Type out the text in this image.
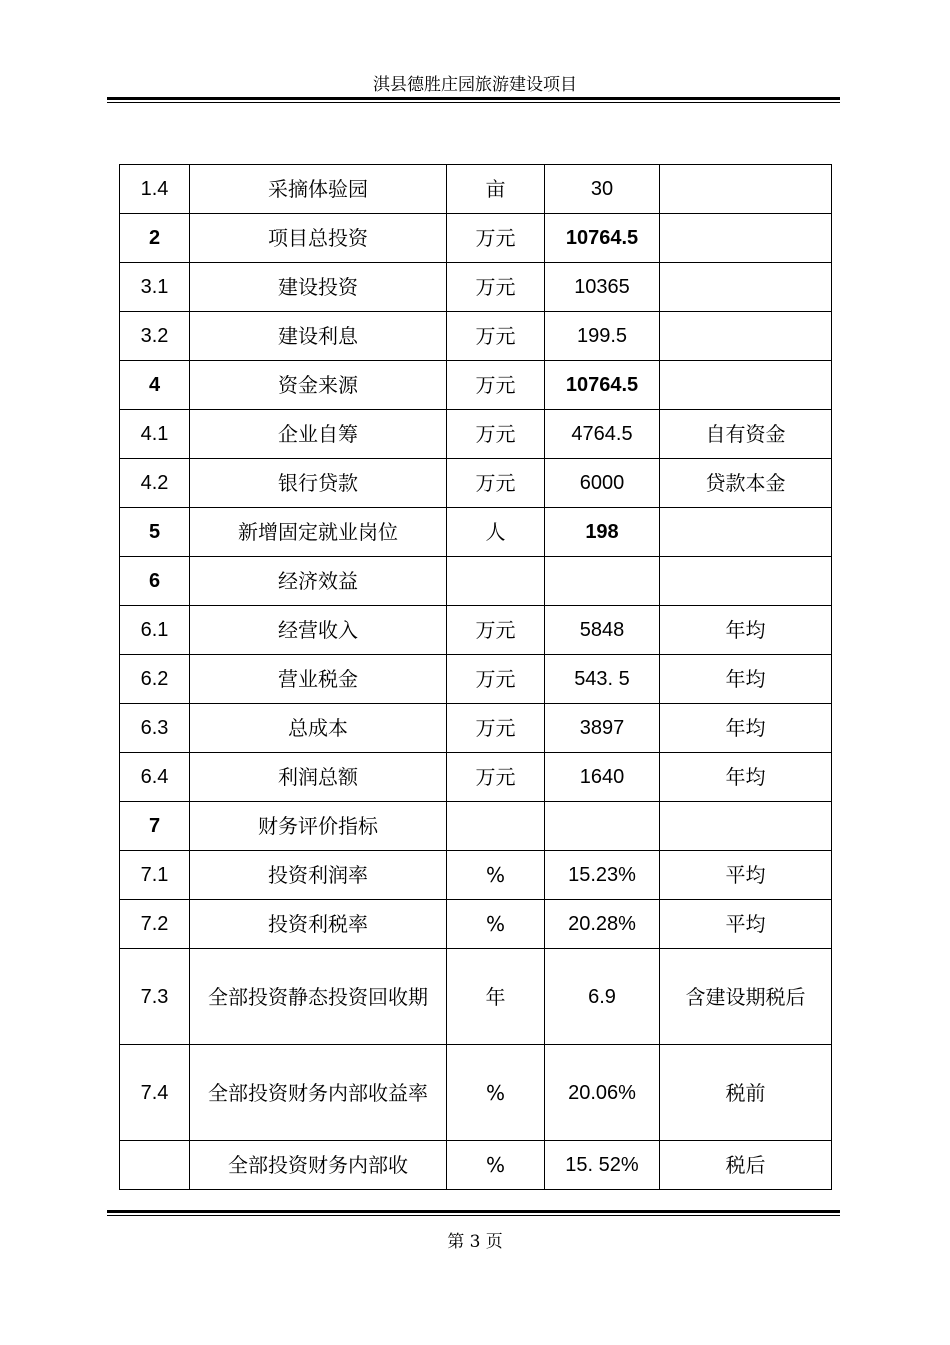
淇县德胜庄园旅游建设项目
1.4	采摘体验园	亩	30	
2	项目总投资	万元	10764.5	
3.1	建设投资	万元	10365	
3.2	建设利息	万元	199.5	
4	资金来源	万元	10764.5	
4.1	企业自筹	万元	4764.5	自有资金
4.2	银行贷款	万元	6000	贷款本金
5	新增固定就业岗位	人	198	
6	经济效益			
6.1	经营收入	万元	5848	年均
6.2	营业税金	万元	543. 5	年均
6.3	总成本	万元	3897	年均
6.4	利润总额	万元	1640	年均
7	财务评价指标			
7.1	投资利润率	%	15.23%	平均
7.2	投资利税率	%	20.28%	平均
7.3	全部投资静态投资回收期	年	6.9	含建设期税后
7.4	全部投资财务内部收益率	%	20.06%	税前
	全部投资财务内部收	%	15. 52%	税后
第 3 页
